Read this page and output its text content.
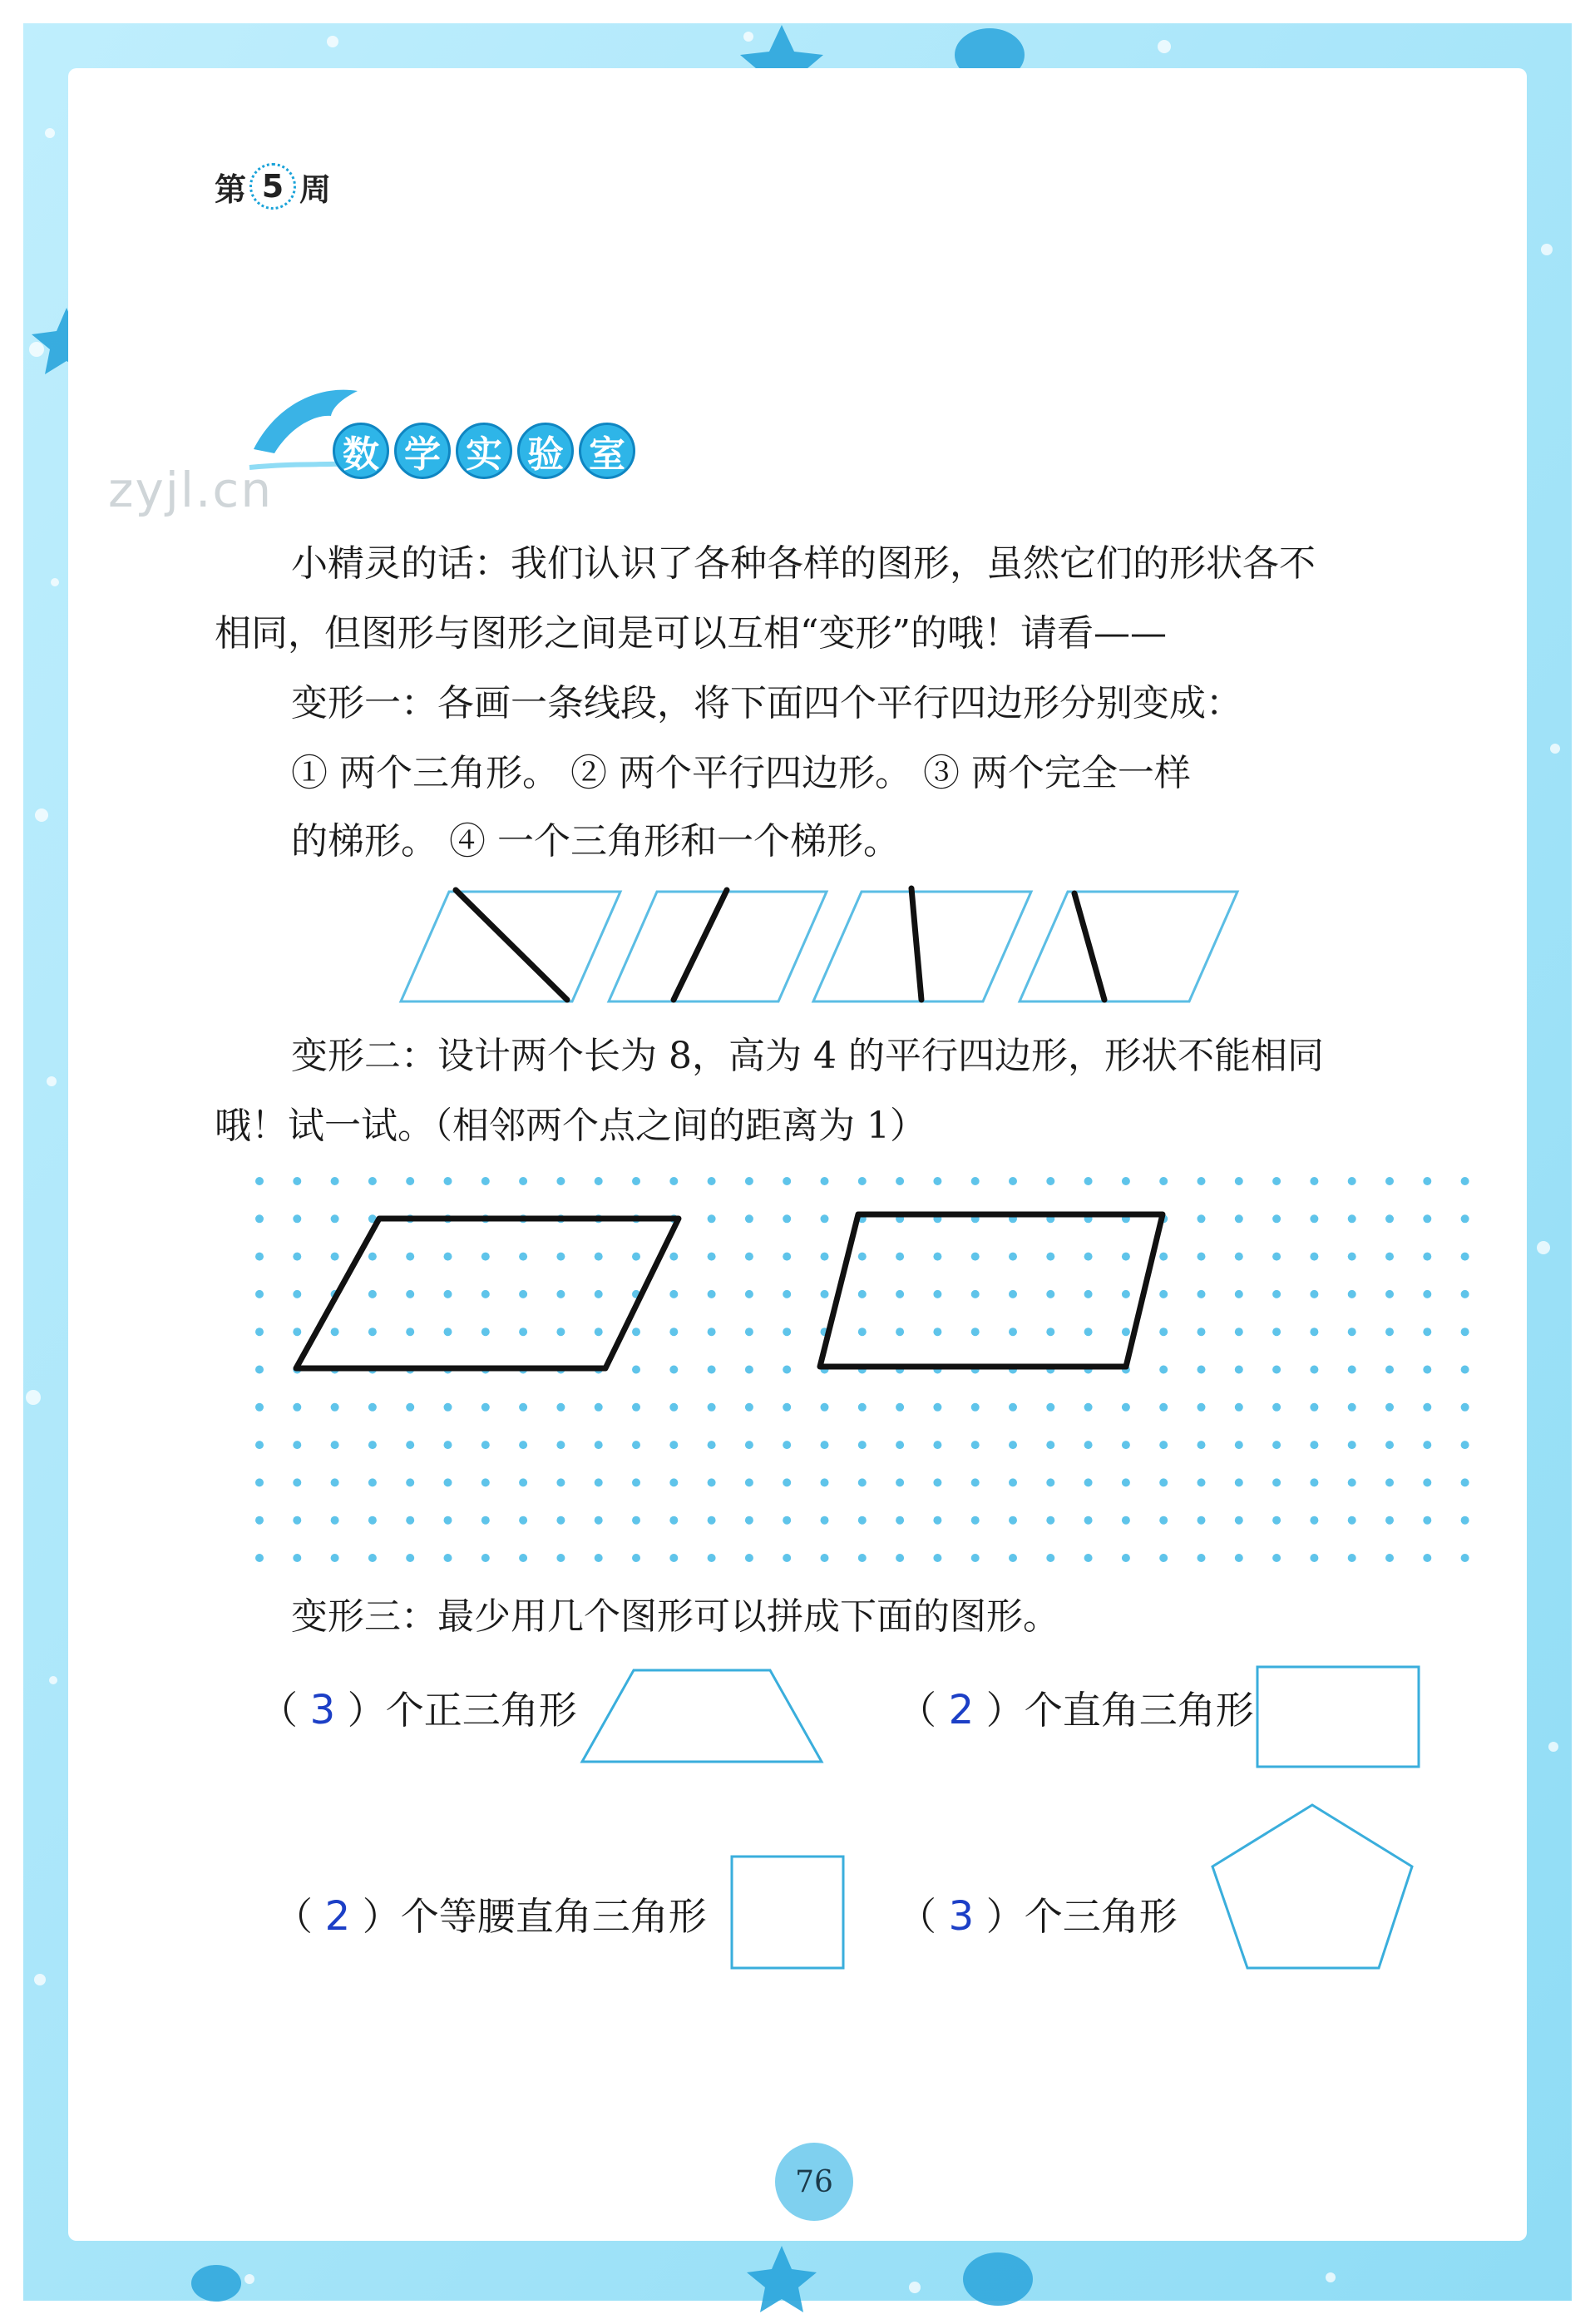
第 5 周
数 学 实 验 室
zyjl.cn
小精灵的话：我们认识了各种各样的图形，虽然它们的形状各不
相同，但图形与图形之间是可以互相“变形”的哦！请看——
变形一：各画一条线段，将下面四个平行四边形分别变成：
① 两个三角形。 ② 两个平行四边形。 ③ 两个完全一样
的梯形。 ④ 一个三角形和一个梯形。
变形二：设计两个长为 8，高为 4 的平行四边形，形状不能相同
哦！试一试。（相邻两个点之间的距离为 1）
变形三：最少用几个图形可以拼成下面的图形。
（ 3 ）个正三角形	（ 2 ）个直角三角形
（ 2 ）个等腰直角三角形	（ 3 ）个三角形
76
